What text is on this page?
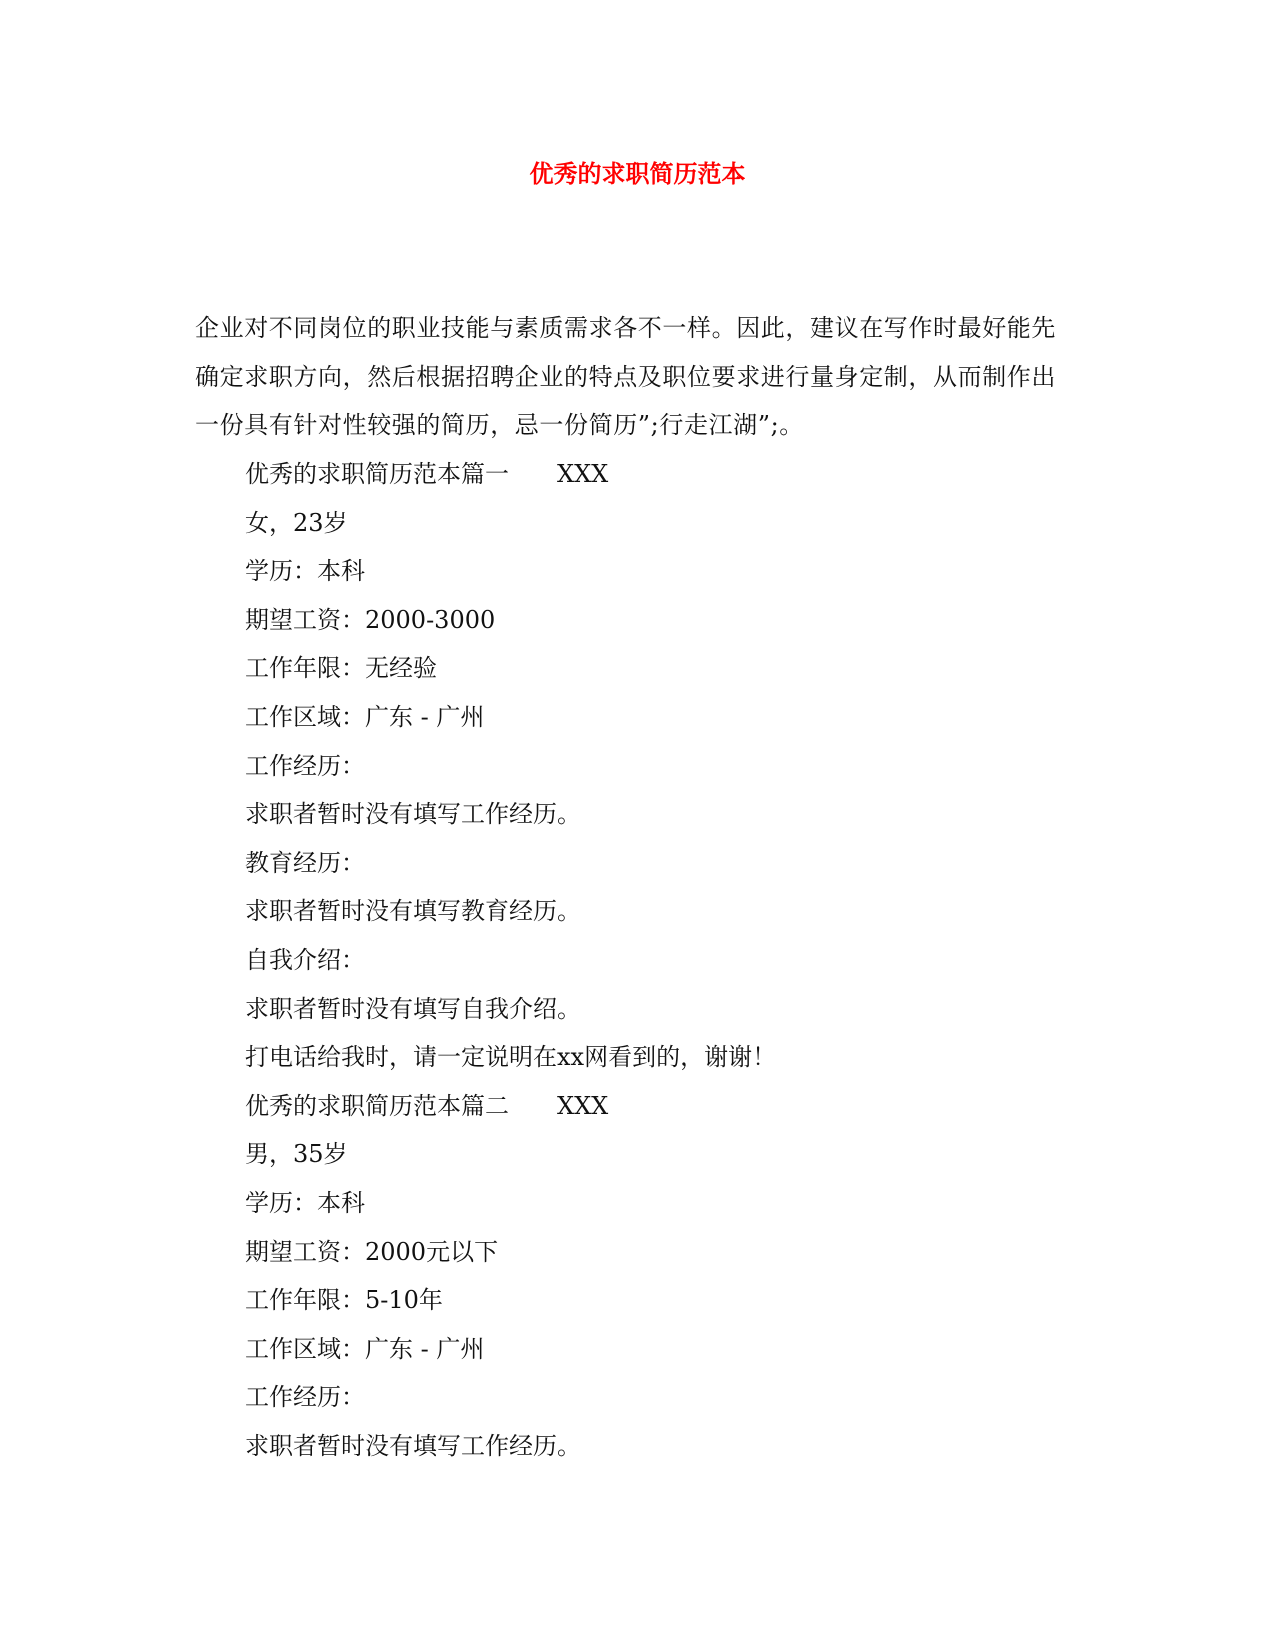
优秀的求职简历范本

企业对不同岗位的职业技能与素质需求各不一样。因此，建议在写作时最好能先确定求职方向，然后根据招聘企业的特点及职位要求进行量身定制，从而制作出一份具有针对性较强的简历，忌一份简历”;行走江湖”;。

优秀的求职简历范本篇一　　XXX
女，23岁
学历：本科
期望工资：2000-3000
工作年限：无经验
工作区域：广东 - 广州
工作经历：
求职者暂时没有填写工作经历。
教育经历：
求职者暂时没有填写教育经历。
自我介绍：
求职者暂时没有填写自我介绍。
打电话给我时，请一定说明在xx网看到的，谢谢！
优秀的求职简历范本篇二　　XXX
男，35岁
学历：本科
期望工资：2000元以下
工作年限：5-10年
工作区域：广东 - 广州
工作经历：
求职者暂时没有填写工作经历。
